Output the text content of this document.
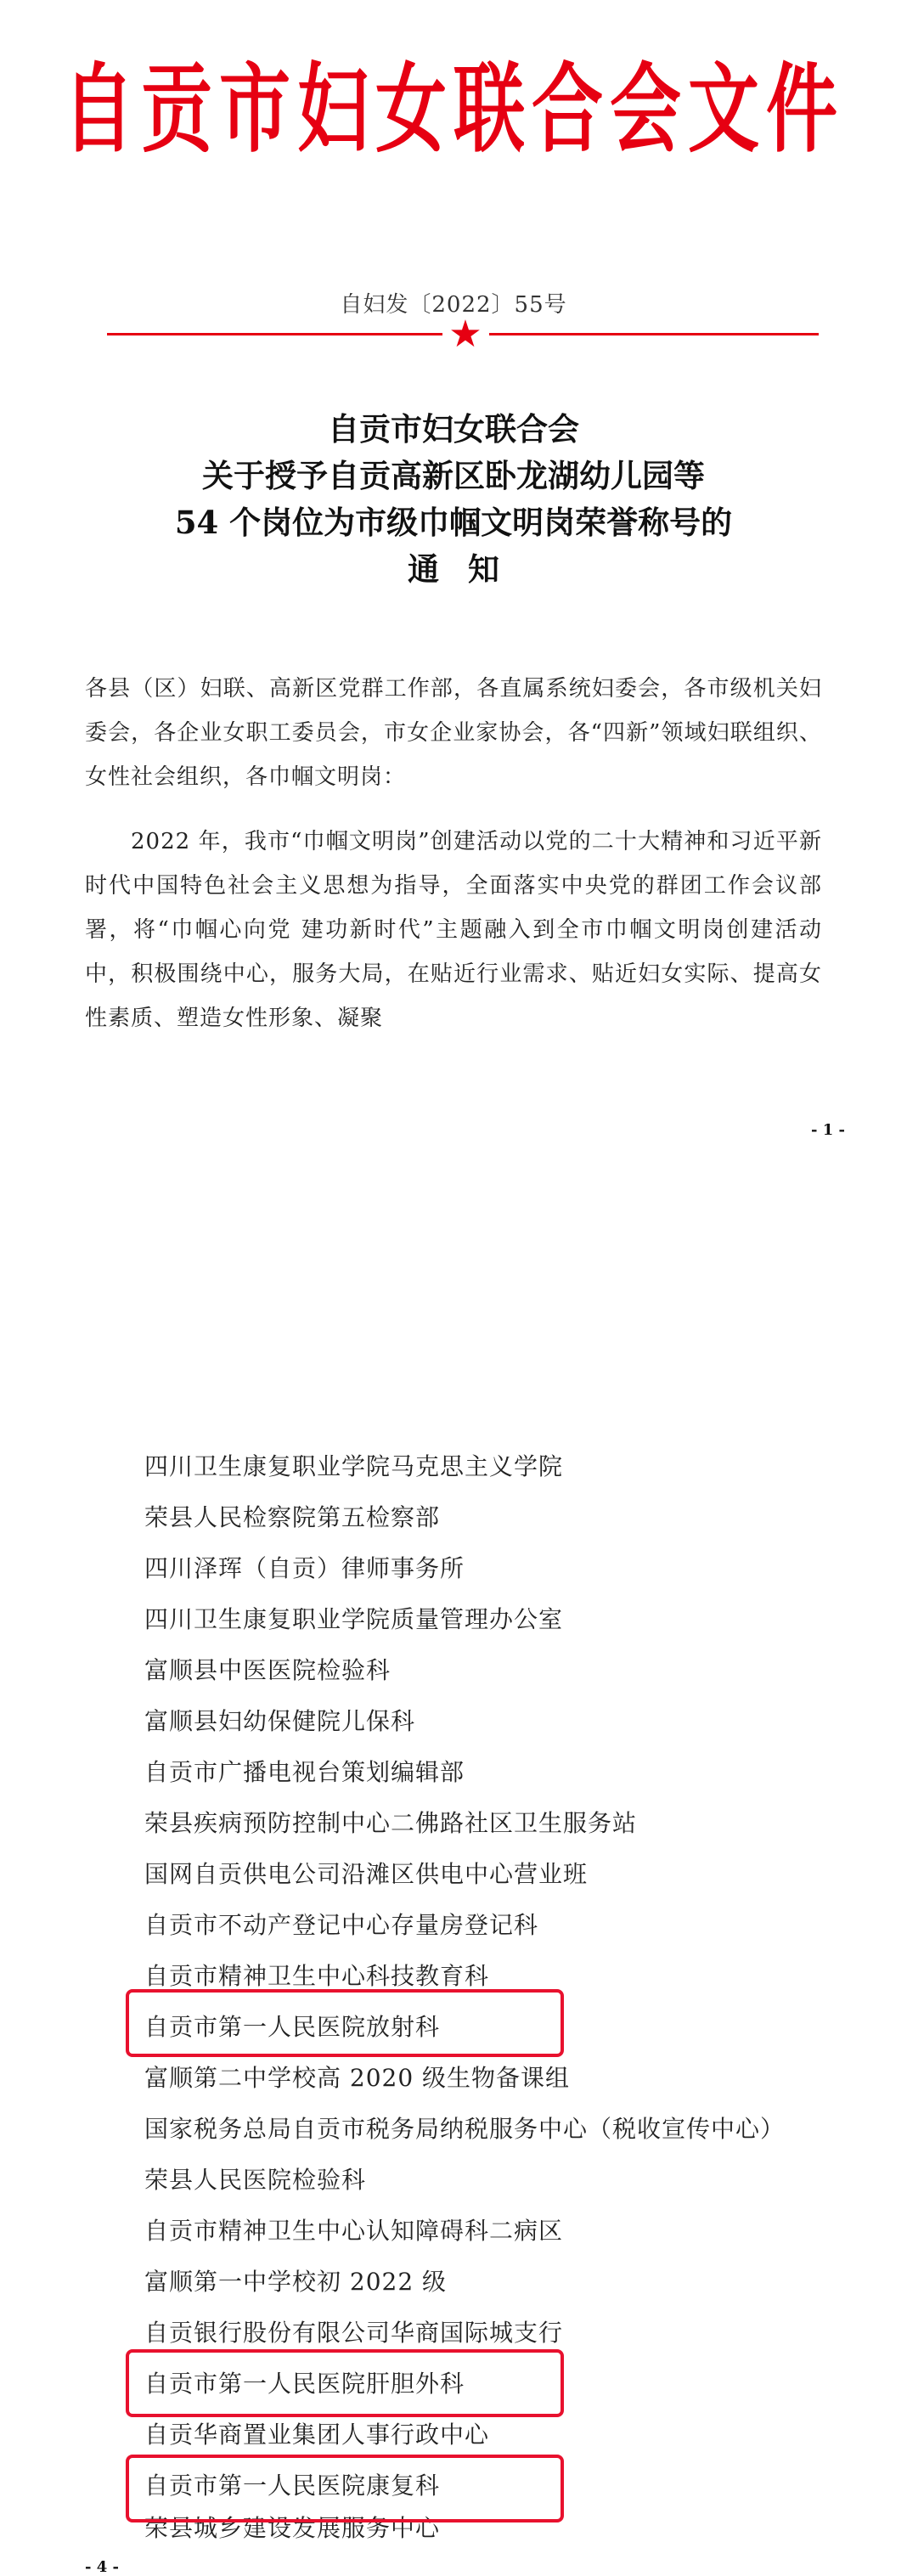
自贡市妇女联合会文件
自妇发〔2022〕55号
★
自贡市妇女联合会
关于授予自贡高新区卧龙湖幼儿园等
54 个岗位为市级巾帼文明岗荣誉称号的
通知
各县（区）妇联、高新区党群工作部，各直属系统妇委会，各市级机关妇委会，各企业女职工委员会，市女企业家协会，各“四新”领域妇联组织、女性社会组织，各巾帼文明岗：
2022 年，我市“巾帼文明岗”创建活动以党的二十大精神和习近平新时代中国特色社会主义思想为指导，全面落实中央党的群团工作会议部署，将“巾帼心向党 建功新时代”主题融入到全市巾帼文明岗创建活动中，积极围绕中心，服务大局，在贴近行业需求、贴近妇女实际、提高女性素质、塑造女性形象、凝聚
- 1 -
四川卫生康复职业学院马克思主义学院
荣县人民检察院第五检察部
四川泽珲（自贡）律师事务所
四川卫生康复职业学院质量管理办公室
富顺县中医医院检验科
富顺县妇幼保健院儿保科
自贡市广播电视台策划编辑部
荣县疾病预防控制中心二佛路社区卫生服务站
国网自贡供电公司沿滩区供电中心营业班
自贡市不动产登记中心存量房登记科
自贡市精神卫生中心科技教育科
自贡市第一人民医院放射科
富顺第二中学校高 2020 级生物备课组
国家税务总局自贡市税务局纳税服务中心（税收宣传中心）
荣县人民医院检验科
自贡市精神卫生中心认知障碍科二病区
富顺第一中学校初 2022 级
自贡银行股份有限公司华商国际城支行
自贡市第一人民医院肝胆外科
自贡华商置业集团人事行政中心
自贡市第一人民医院康复科
荣县城乡建设发展服务中心
- 4 -
